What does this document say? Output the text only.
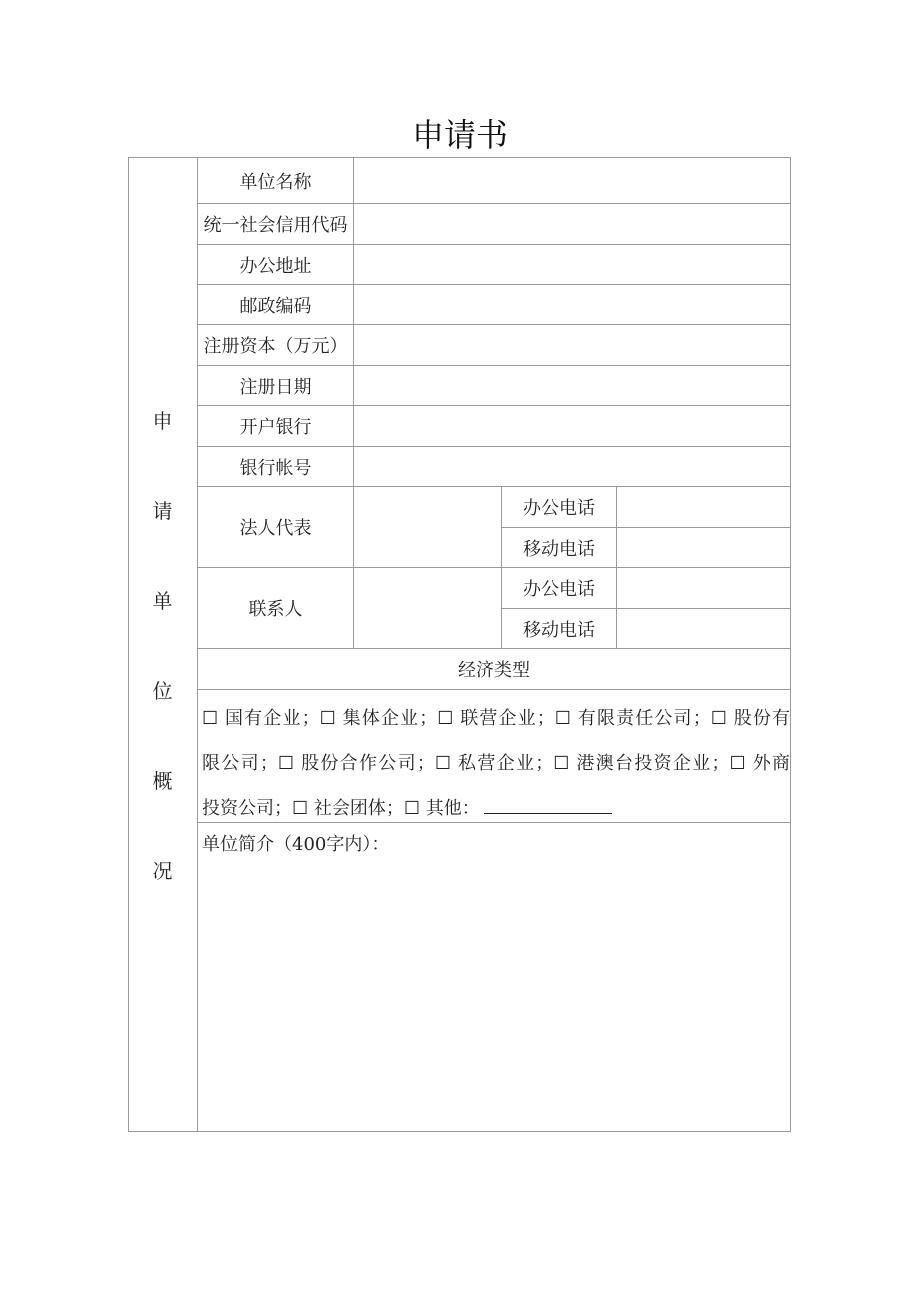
申请书
申
请
单
位
概
况
单位名称
统一社会信用代码
办公地址
邮政编码
注册资本（万元）
注册日期
开户银行
银行帐号
法人代表
办公电话
移动电话
联系人
办公电话
移动电话
经济类型
☐ 国有企业；☐ 集体企业；☐ 联营企业；☐ 有限责任公司；☐ 股份有
限公司；☐ 股份合作公司；☐ 私营企业；☐ 港澳台投资企业；☐ 外商
投资公司；☐ 社会团体；☐ 其他：
单位简介（400字内）：
